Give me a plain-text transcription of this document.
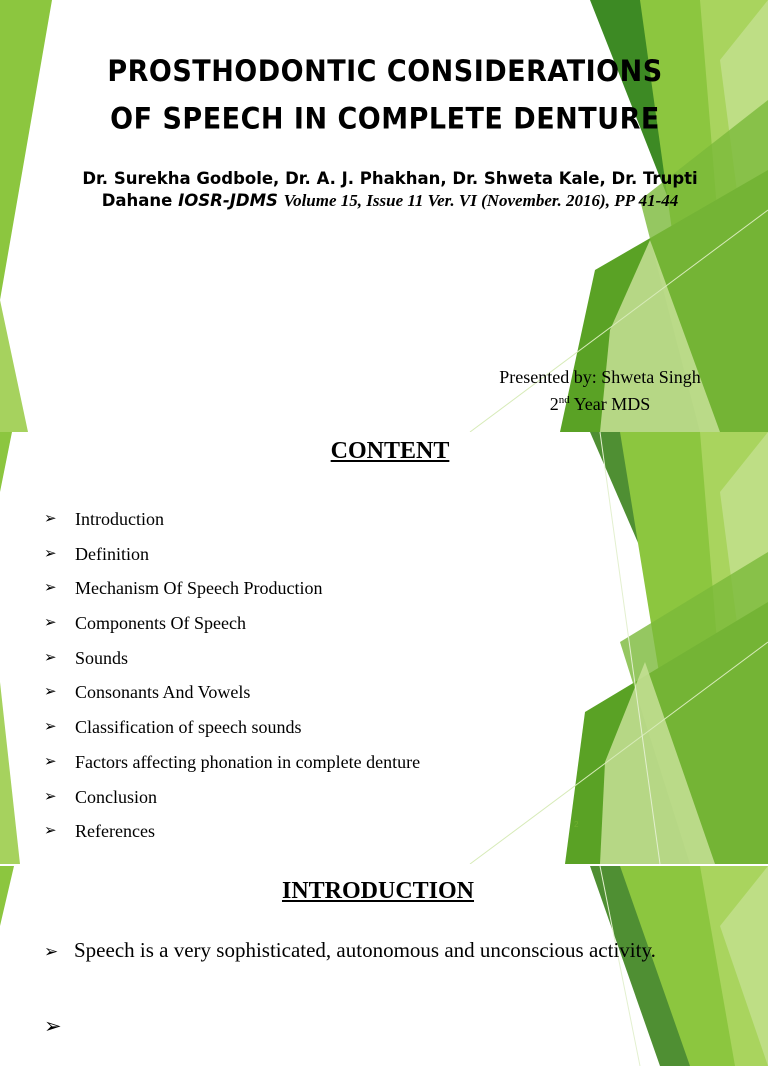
PROSTHODONTIC CONSIDERATIONS
OF SPEECH IN COMPLETE DENTURE
Dr. Surekha Godbole, Dr. A. J. Phakhan, Dr. Shweta Kale, Dr. Trupti
Dahane IOSR-JDMS Volume 15, Issue 11 Ver. VI (November. 2016), PP 41-44
Presented by: Shweta Singh
2nd Year MDS
CONTENT
➢	Introduction
➢	Definition
➢	Mechanism Of Speech Production
➢	Components Of Speech
➢	Sounds
➢	Consonants And Vowels
➢	Classification of speech sounds
➢	Factors affecting phonation in complete denture
➢	Conclusion
➢	References	2
INTRODUCTION
➢ Speech is a very sophisticated, autonomous and unconscious activity.
➢
